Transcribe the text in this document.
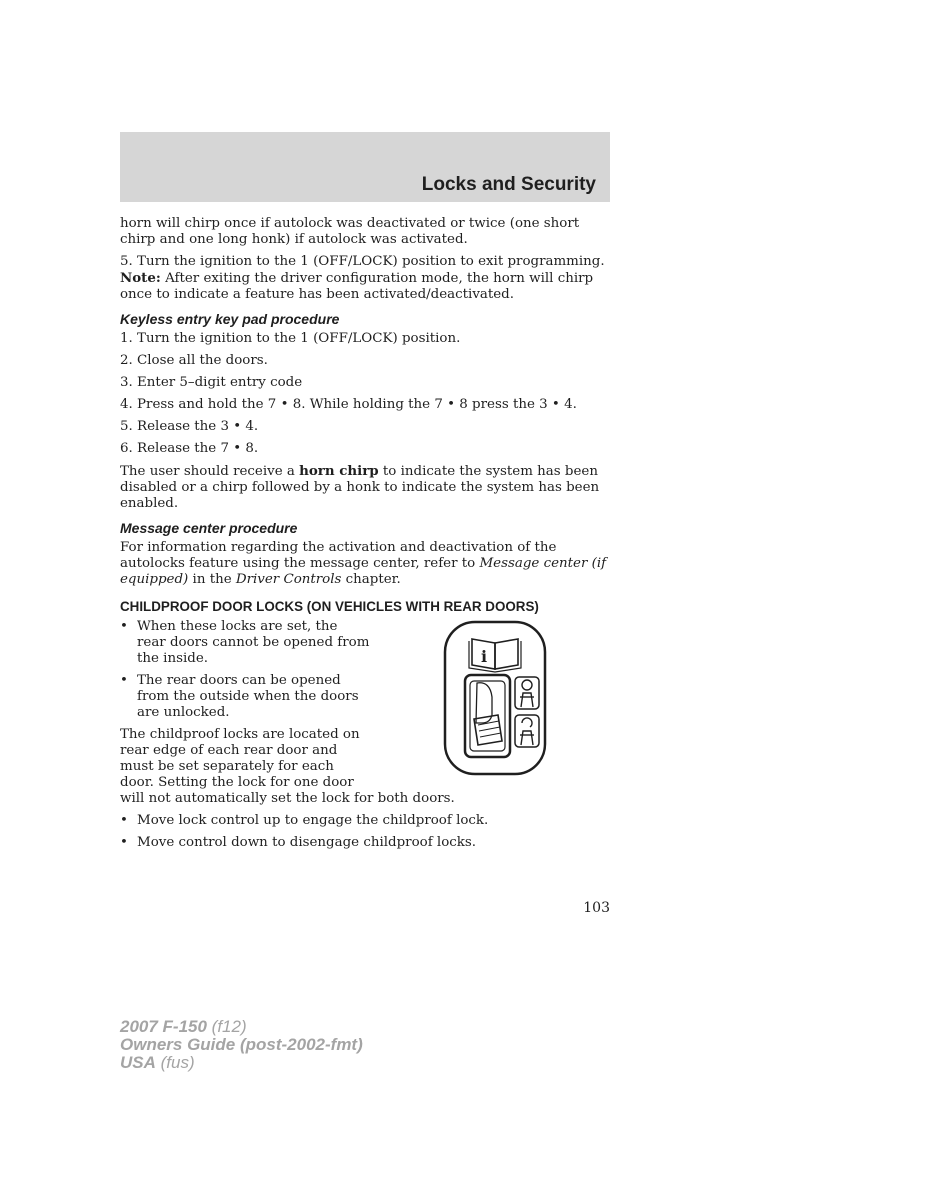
Locks and Security

horn will chirp once if autolock was deactivated or twice (one short chirp and one long honk) if autolock was activated.

5. Turn the ignition to the 1 (OFF/LOCK) position to exit programming.
Note: After exiting the driver configuration mode, the horn will chirp once to indicate a feature has been activated/deactivated.

Keyless entry key pad procedure

1. Turn the ignition to the 1 (OFF/LOCK) position.

2. Close all the doors.

3. Enter 5–digit entry code

4. Press and hold the 7 • 8. While holding the 7 • 8 press the 3 • 4.

5. Release the 3 • 4.

6. Release the 7 • 8.

The user should receive a horn chirp to indicate the system has been disabled or a chirp followed by a honk to indicate the system has been enabled.

Message center procedure

For information regarding the activation and deactivation of the autolocks feature using the message center, refer to Message center (if equipped) in the Driver Controls chapter.

CHILDPROOF DOOR LOCKS (ON VEHICLES WITH REAR DOORS)
i
• When these locks are set, the rear doors cannot be opened from the inside.
• The rear doors can be opened from the outside when the doors are unlocked.

The childproof locks are located on rear edge of each rear door and must be set separately for each door. Setting the lock for one door

will not automatically set the lock for both doors.

• Move lock control up to engage the childproof lock.
• Move control down to disengage childproof locks.
103
2007 F-150 (f12)
Owners Guide (post-2002-fmt)
USA (fus)
